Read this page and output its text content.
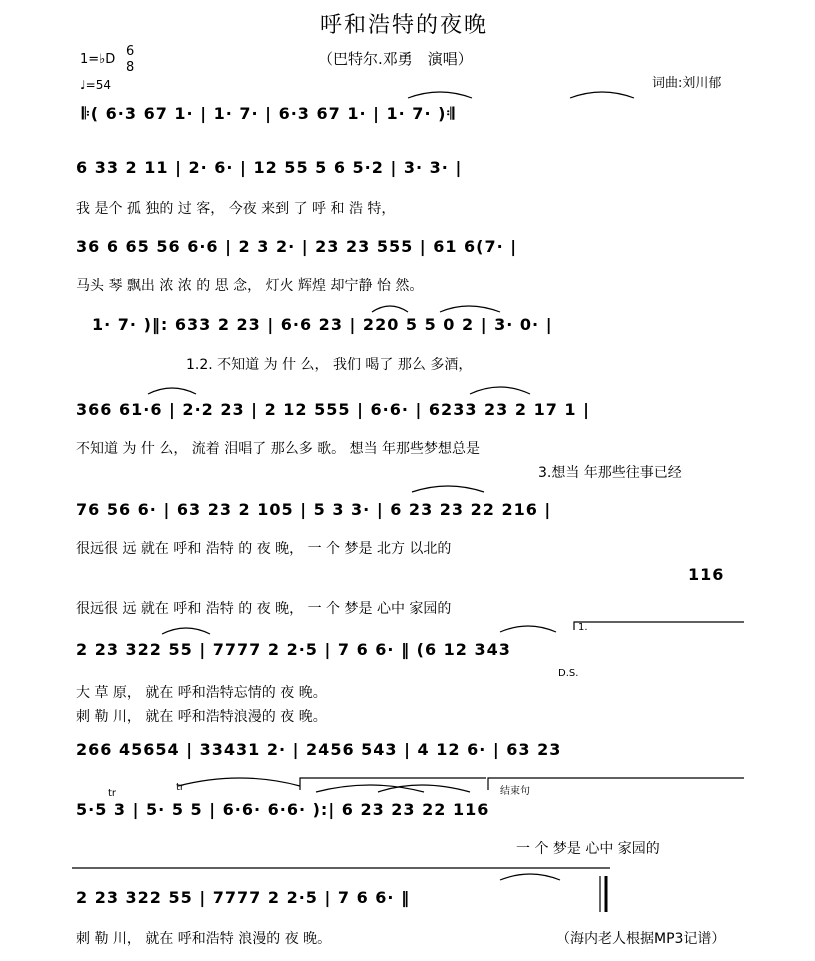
呼和浩特的夜晚
（巴特尔.邓勇　演唱）
词曲:刘川郁
1=♭D
6
8
♩=54
𝄆( 6·3 67 1· | 1· 7· | 6·3 67 1· | 1· 7· )𝄇
6 33 2 11 | 2· 6· | 12 55 5 6 5·2 | 3· 3· |
我 是个 孤 独的 过 客， 今夜 来到 了 呼 和 浩 特，
36 6 65 56 6·6 | 2 3 2· | 23 23 555 | 61 6(7· |
马头 琴 飘出 浓 浓 的 思 念， 灯火 辉煌 却宁静 怡 然。
1· 7· )‖: 633 2 23 | 6·6 23 | 220 5 5 0 2 | 3· 0· |
1.2. 不知道 为 什 么， 我们 喝了 那么 多酒，
366 61·6 | 2·2 23 | 2 12 555 | 6·6· | 6233 23 2 17 1 |
不知道 为 什 么， 流着 泪唱了 那么多 歌。 想当 年那些梦想总是
3.想当 年那些往事已经
76 56 6· | 63 23 2 105 | 5 3 3· | 6 23 23 22 216 |
很远很 远 就在 呼和 浩特 的 夜 晚， 一 个 梦是 北方 以北的
116
很远很 远 就在 呼和 浩特 的 夜 晚， 一 个 梦是 心中 家园的
2 23 322 55 | 7777 2 2·5 | 7 6 6· ‖ (6 12 343
1.
D.S.
大 草 原， 就在 呼和浩特忘情的 夜 晚。
刺 勒 川， 就在 呼和浩特浪漫的 夜 晚。
266 45654 | 33431 2· | 2456 543 | 4 12 6· | 63 23
tr
tr
5·5 3 | 5· 5 5 | 6·6· 6·6· ):| 6 23 23 22 116
结束句
一 个 梦是 心中 家园的
2 23 322 55 | 7777 2 2·5 | 7 6 6· ‖
刺 勒 川， 就在 呼和浩特 浪漫的 夜 晚。	（海内老人根据MP3记谱）
